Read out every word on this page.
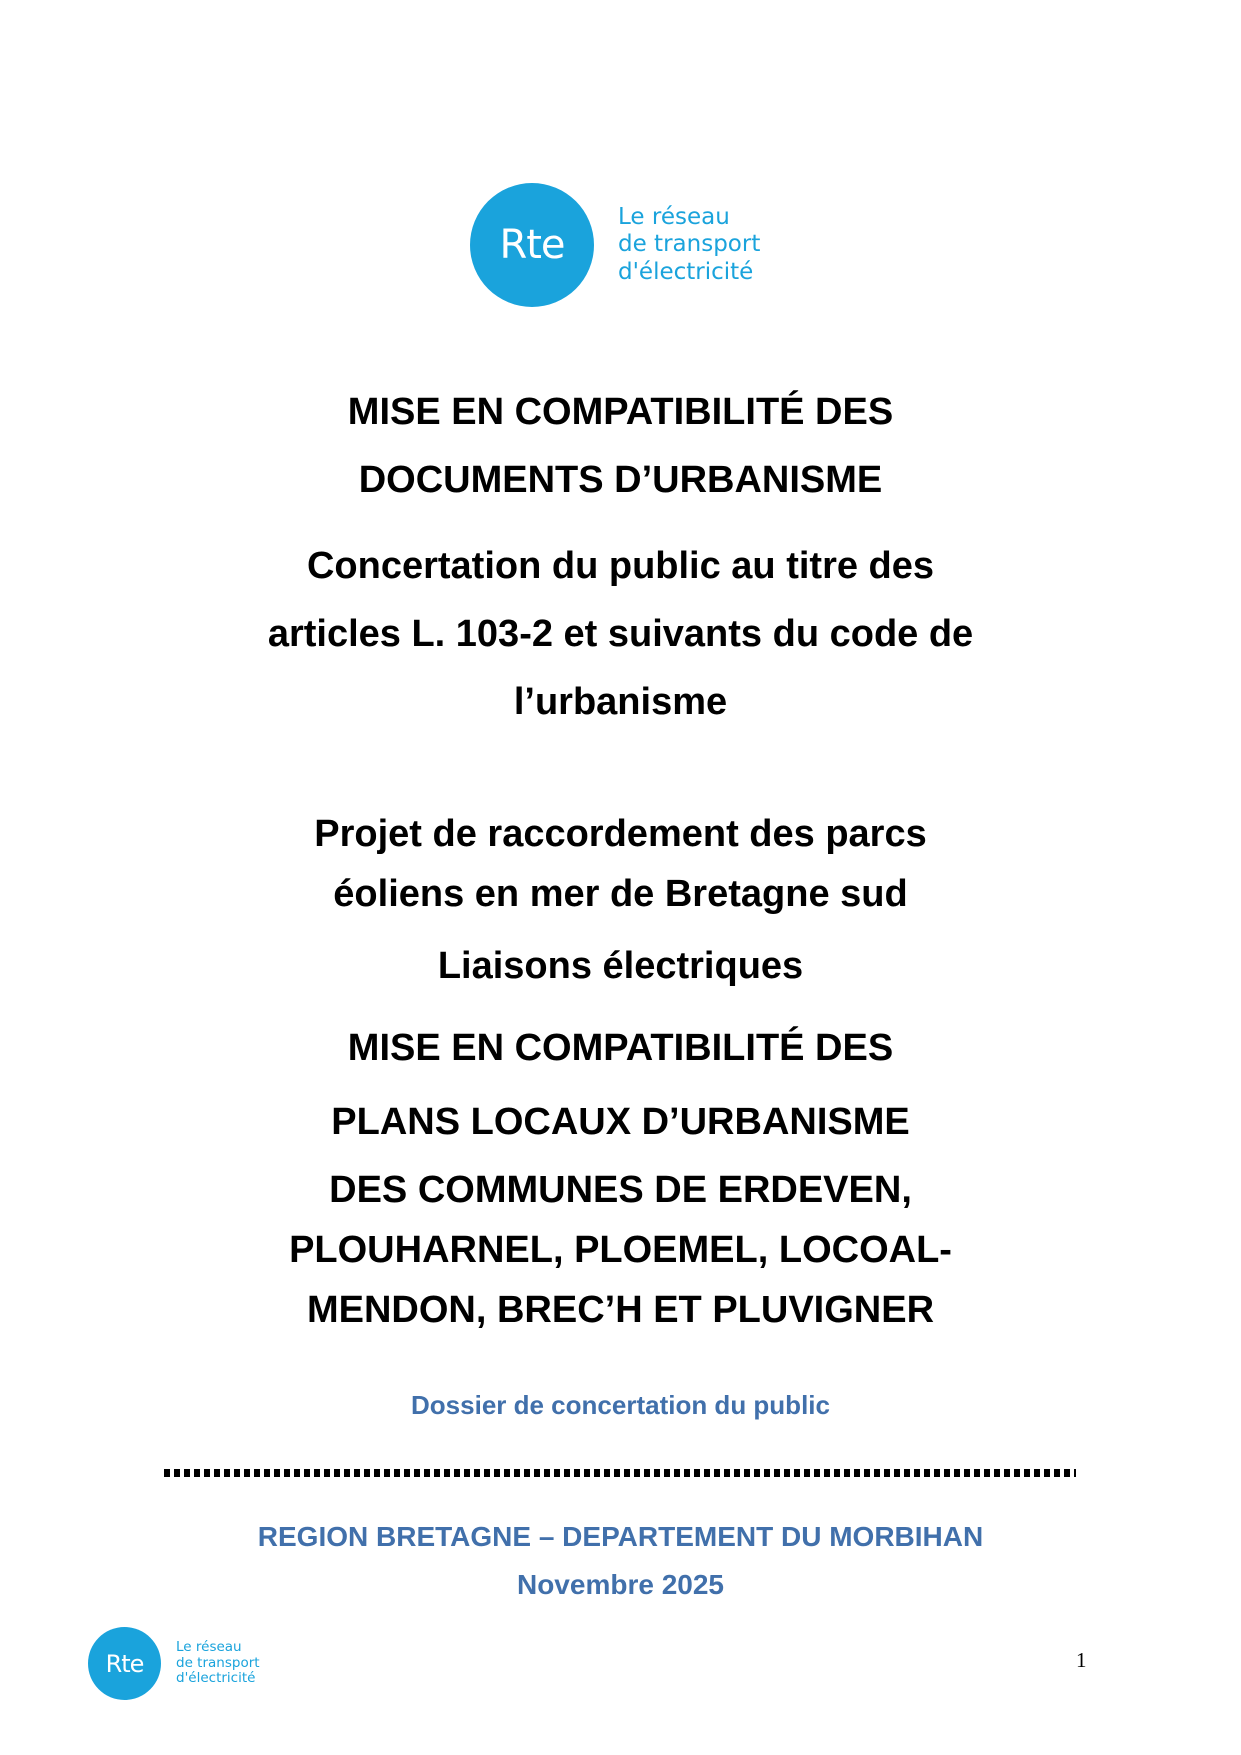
Rte
Le réseau
de transport
d'électricité
MISE EN COMPATIBILITÉ DES
DOCUMENTS D’URBANISME
Concertation du public au titre des
articles L. 103-2 et suivants du code de
l’urbanisme
Projet de raccordement des parcs
éoliens en mer de Bretagne sud
Liaisons électriques
MISE EN COMPATIBILITÉ DES
PLANS LOCAUX D’URBANISME
DES COMMUNES DE ERDEVEN,
PLOUHARNEL, PLOEMEL, LOCOAL-
MENDON, BREC’H ET PLUVIGNER
Dossier de concertation du public
REGION BRETAGNE – DEPARTEMENT DU MORBIHAN
Novembre 2025
Rte
Le réseau
de transport
d'électricité
1
